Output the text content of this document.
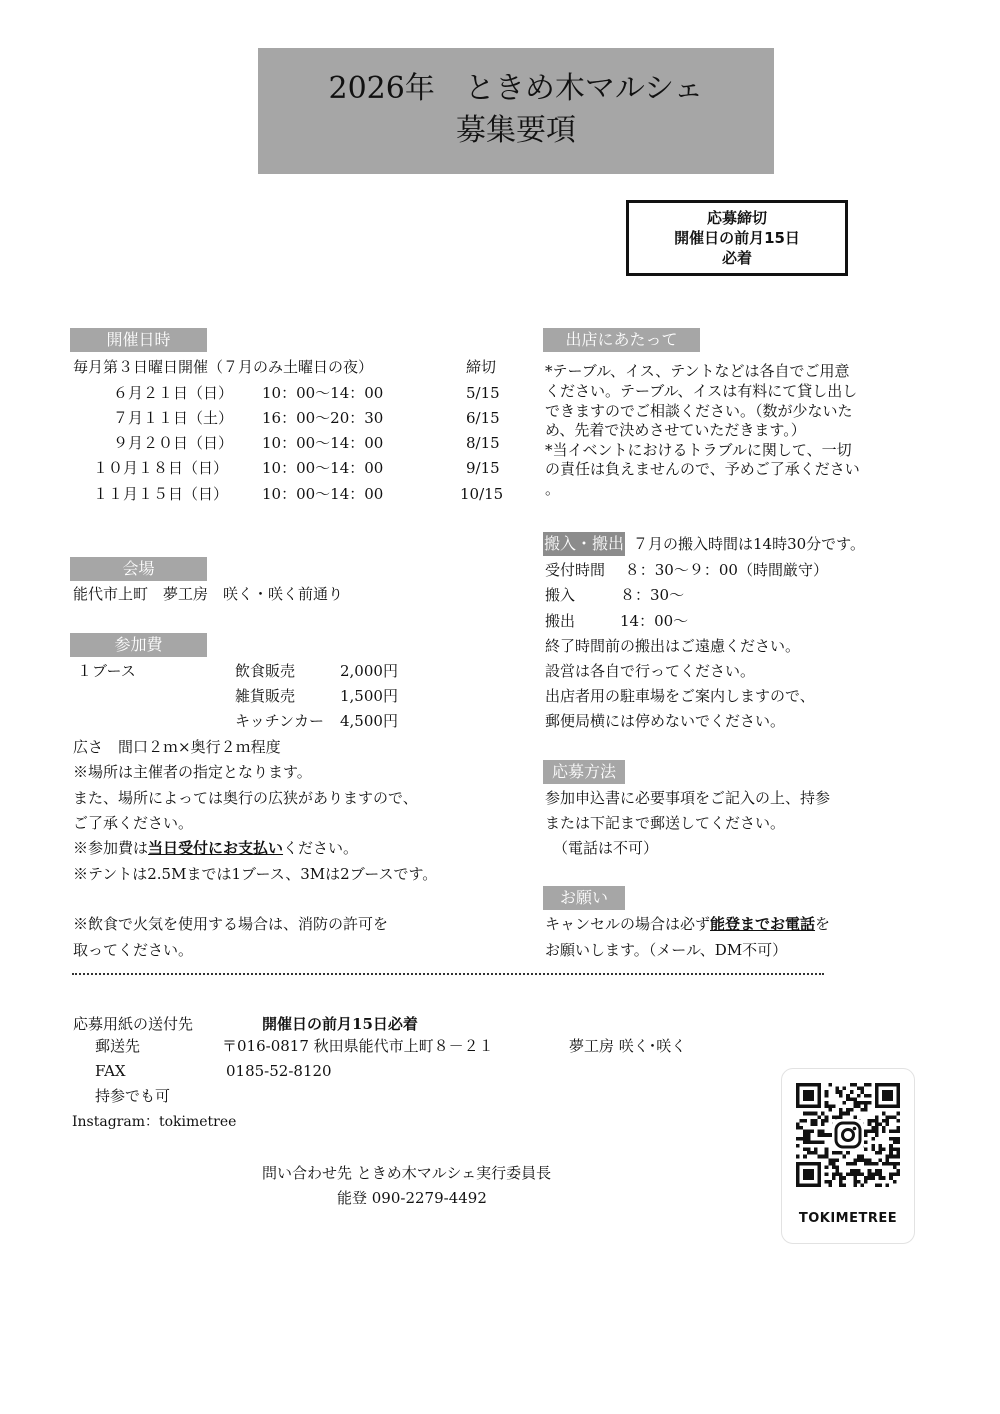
2026年　ときめ木マルシェ
募集要項
応募締切
開催日の前月15日
必着
開催日時
毎月第３日曜日開催（７月のみ土曜日の夜）	締切
６月２１日（日） 10：00～14：00	5/15
７月１１日（土） 16：00～20：30	6/15
９月２０日（日） 10：00～14：00	8/15
１０月１８日（日） 10：00～14：00	9/15
１１月１５日（日） 10：00～14：00	10/15
会場
能代市上町　夢工房　咲く・咲く前通り
参加費
１ブース	飲食販売	2,000円
雑貨販売	1,500円
キッチンカー 4,500円
広さ　間口２ｍ×奥行２ｍ程度
※場所は主催者の指定となります。
また、場所によっては奥行の広狭がありますので、
ご了承ください。
※参加費は当日受付にお支払いください。
※テントは2.5Mまでは1ブース、3Mは2ブースです。
※飲食で火気を使用する場合は、消防の許可を
取ってください。
出店にあたって
*テーブル、イス、テントなどは各自でご用意
ください。テーブル、イスは有料にて貸し出し
できますのでご相談ください。（数が少ないた
め、先着で決めさせていただきます。）
*当イベントにおけるトラブルに関して、一切
の責任は負えませんので、予めご了承ください
。
搬入・搬出 ７月の搬入時間は14時30分です。
受付時間　 ８：30～９：00（時間厳守）
搬入　　　８：30～
搬出　　　14：00～
終了時間前の搬出はご遠慮ください。
設営は各自で行ってください。
出店者用の駐車場をご案内しますので、
郵便局横には停めないでください。
応募方法
参加申込書に必要事項をご記入の上、持参
または下記まで郵送してください。
（電話は不可）
お願い
キャンセルの場合は必ず能登までお電話を
お願いします。（メール、DM不可）
応募用紙の送付先	開催日の前月15日必着
郵送先	〒016-0817 秋田県能代市上町８－２１	夢工房 咲く･咲く
FAX	0185-52-8120
持参でも可
Instagram：tokimetree
問い合わせ先 ときめ木マルシェ実行委員長
能登 090-2279-4492
TOKIMETREE
